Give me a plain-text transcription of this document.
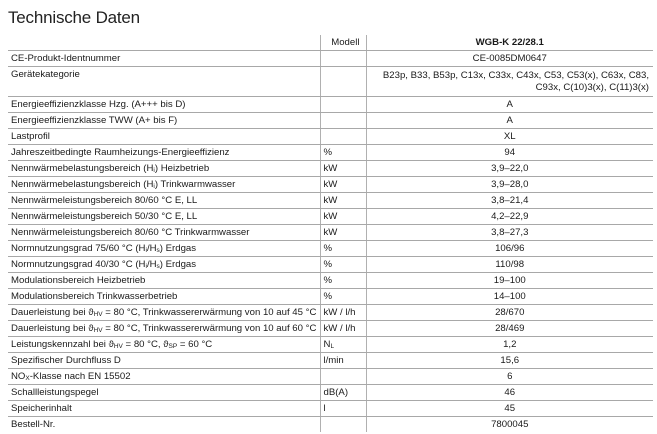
Technische Daten
	Modell	WGB-K 22/28.1
CE-Produkt-Identnummer		CE-0085DM0647
Gerätekategorie		B23p, B33, B53p, C13x, C33x, C43x, C53, C53(x), C63x, C83, C93x, C(10)3(x), C(11)3(x)
Energieeffizienzklasse Hzg. (A+++ bis D)		A
Energieeffizienzklasse TWW (A+ bis F)		A
Lastprofil		XL
Jahreszeitbedingte Raumheizungs-Energieeffizienz	%	94
Nennwärmebelastungsbereich $(H_i)$ Heizbetrieb	kW	3,9–22,0
Nennwärmebelastungsbereich $(H_i)$ Trinkwarmwasser	kW	3,9–28,0
Nennwärmeleistungsbereich 80/60 °C E, LL	kW	3,8–21,4
Nennwärmeleistungsbereich 50/30 °C E, LL	kW	4,2–22,9
Nennwärmeleistungsbereich 80/60 °C Trinkwarmwasser	kW	3,8–27,3
Normnutzungsgrad 75/60 °C $(H_i/H_s)$ Erdgas	%	106/96
Normnutzungsgrad 40/30 °C $(H_i/H_s)$ Erdgas	%	110/98
Modulationsbereich Heizbetrieb	%	19–100
Modulationsbereich Trinkwasserbetrieb	%	14–100
Dauerleistung bei $ϑ_{HV} = 80$ °C, Trinkwassererwärmung von 10 auf 45 °C	kW / l/h	28/670
Dauerleistung bei $ϑ_{HV} = 80$ °C, Trinkwassererwärmung von 10 auf 60 °C	kW / l/h	28/469
Leistungskennzahl bei $ϑ_{HV} = 80$ °C, $ϑ_{SP} = 60$ °C	$N_L$	1,2
Spezifischer Durchfluss D	l/min	15,6
$NO_X$-Klasse nach EN 15502		6
Schallleistungspegel	dB(A)	46
Speicherinhalt	l	45
Bestell-Nr.		7800045
